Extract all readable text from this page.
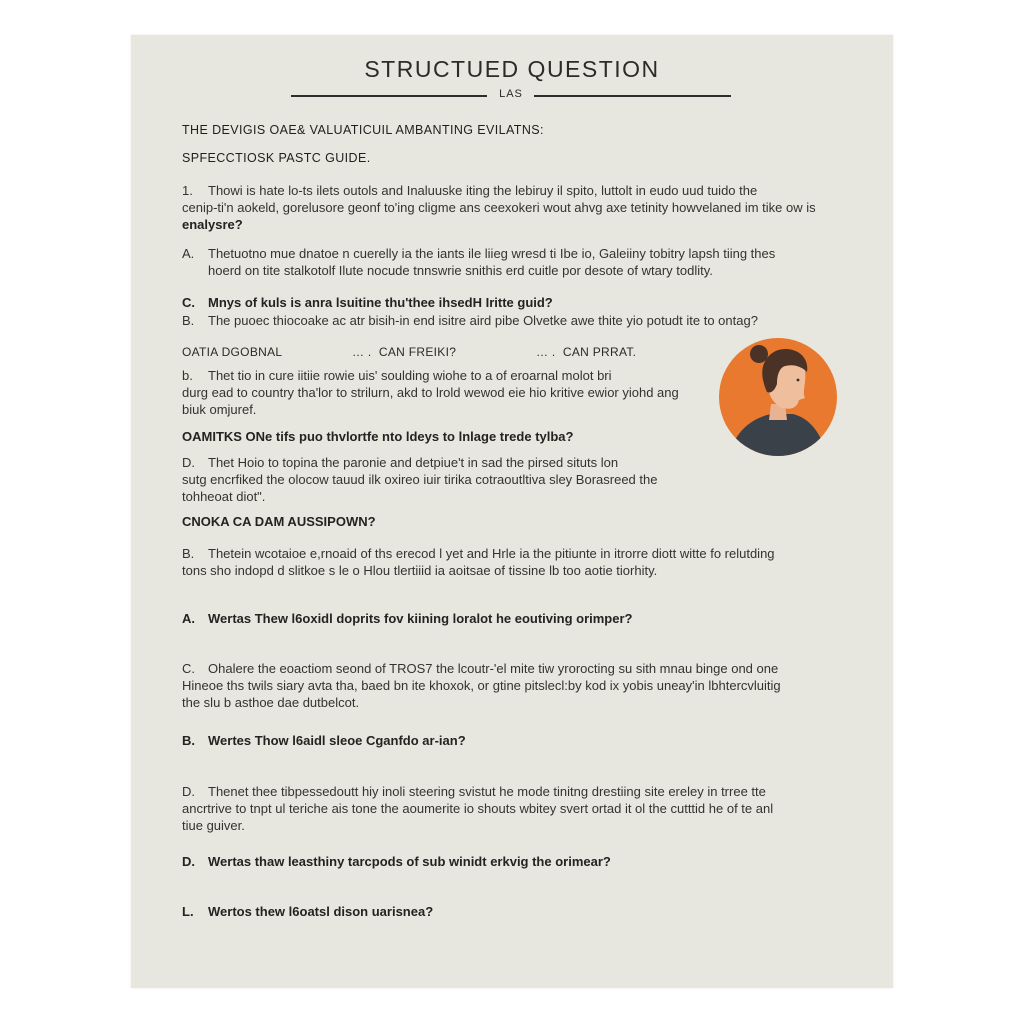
STRUCTUED QUESTION
LAS
THE DEVIGIS OAE& VALUATICUIL AMBANTING EVILATNS:
SPFECCTIOSK PASTC GUIDE.
1. Thowi is hate lo-ts ilets outols and Inaluuske iting the lebiruy il spito, luttolt in eudo uud tuido the
cenip-ti'n aokeld, gorelusore geonf to'ing cligme ans ceexokeri wout ahvg axe tetinity howvelaned im tike ow is
enalysre?
A. Thetuotno mue dnatoe n cuerelly ia the iants ile liieg wresd ti Ibe io, Galeiiny tobitry lapsh tiing thes
hoerd on tite stalkotolf Ilute nocude tnnswrie snithis erd cuitle por desote of wtary todlity.
C. Mnys of kuls is anra lsuitine thu'thee ihsedH Iritte guid?
B. The puoec thiocoake ac atr bisih-in end isitre aird pibe Olvetke awe thite yio potudt ite to ontag?
OATIA DGOBNAL	… . CAN FREIKI?	… . CAN PRRAT.
b. Thet tio in cure iitiie rowie uis' soulding wiohe to a of eroarnal molot bri
durg ead to country tha'lor to strilurn, akd to lrold wewod eie hio kritive ewior yiohd ang
biuk omjuref.
OAMITKS ONe tifs puo thvlortfe nto ldeys to lnlage trede tylba?
D. Thet Hoio to topina the paronie and detpiue't in sad the pirsed situts lon
sutg encrfiked the olocow tauud ilk oxireo iuir tirika cotraoutltiva sley Borasreed the
tohheoat diot".
CNOKA CA DAM AUSSIPOWN?
B. Thetein wcotaioe e,rnoaid of ths erecod l yet and Hrle ia the pitiunte in itrorre diott witte fo relutding
tons sho indopd d slitkoe s le o Hlou tlertiiid ia aoitsae of tissine lb too aotie tiorhity.
A. Wertas Thew l6oxidl doprits fov kiining loralot he eoutiving orimper?
C. Ohalere the eoactiom seond of TROS7 the lcoutr-'el mite tiw yrorocting su sith mnau binge ond one
Hineoe ths twils siary avta tha, baed bn ite khoxok, or gtine pitslecl:by kod ix yobis uneay'in lbhtercvluitig
the slu b asthoe dae dutbelcot.
B. Wertes Thow l6aidl sleoe Cganfdo ar-ian?
D. Thenet thee tibpessedoutt hiy inoli steering svistut he mode tinitng drestiing site ereley in trree tte
ancrtrive to tnpt ul teriche ais tone the aoumerite io shouts wbitey svert ortad it ol the cutttid he of te anl
tiue guiver.
D. Wertas thaw leasthiny tarcpods of sub winidt erkvig the orimear?
L. Wertos thew l6oatsl dison uarisnea?
